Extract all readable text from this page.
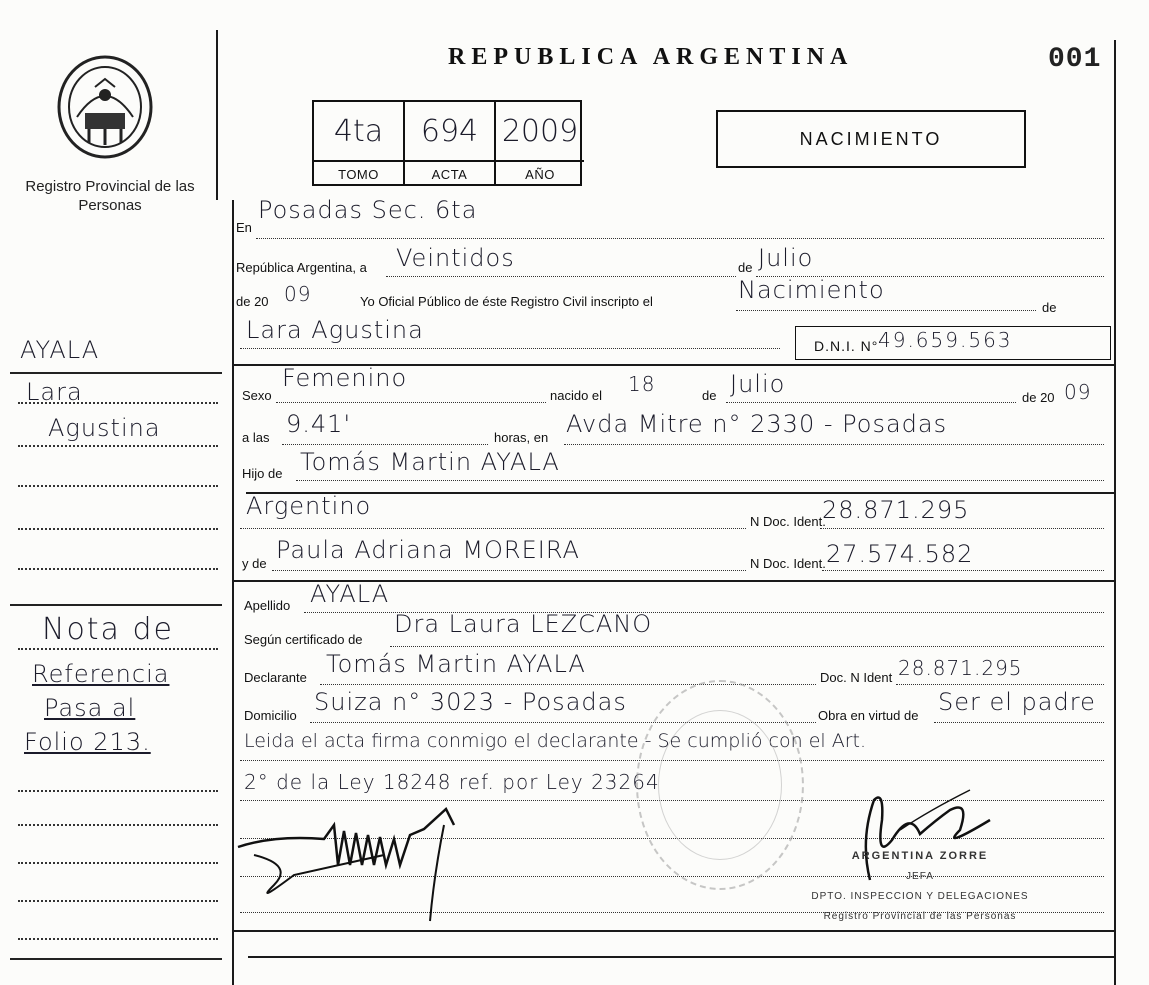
Registro Provincial de las Personas
AYALA
Lara
Agustina
Nota de
Referencia
Pasa al
Folio 213.
REPUBLICA ARGENTINA	001
4ta	694 2009
TOMO	ACTA	AÑO
NACIMIENTO
En
Posadas Sec. 6ta
República Argentina, a Veintidos	de Julio
de 20 09	Yo Oficial Público de éste Registro Civil inscripto el	Nacimiento
de
Lara Agustina
D.N.I. N° 49.659.563
Sexo
Femenino
nacido el 18	de Julio	de 20 09
a las 9.41'	horas, en Avda Mitre n° 2330 - Posadas
Hijo de Tomás Martin AYALA
Argentino
N Doc. Ident.
28.871.295
y de Paula Adriana MOREIRA	N Doc. Ident. 27.574.582
Apellido AYALA
Según certificado de
Dra Laura LEZCANO
Declarante Tomás Martin AYALA	Doc. N Ident 28.871.295
Domicilio Suiza n° 3023 - Posadas	Obra en virtud de Ser el padre
Leida el acta firma conmigo el declarante - Se cumplió con el Art.
2° de la Ley 18248 ref. por Ley 23264
ARGENTINA ZORRE
JEFA
DPTO. INSPECCION Y DELEGACIONES
Registro Provincial de las Personas
